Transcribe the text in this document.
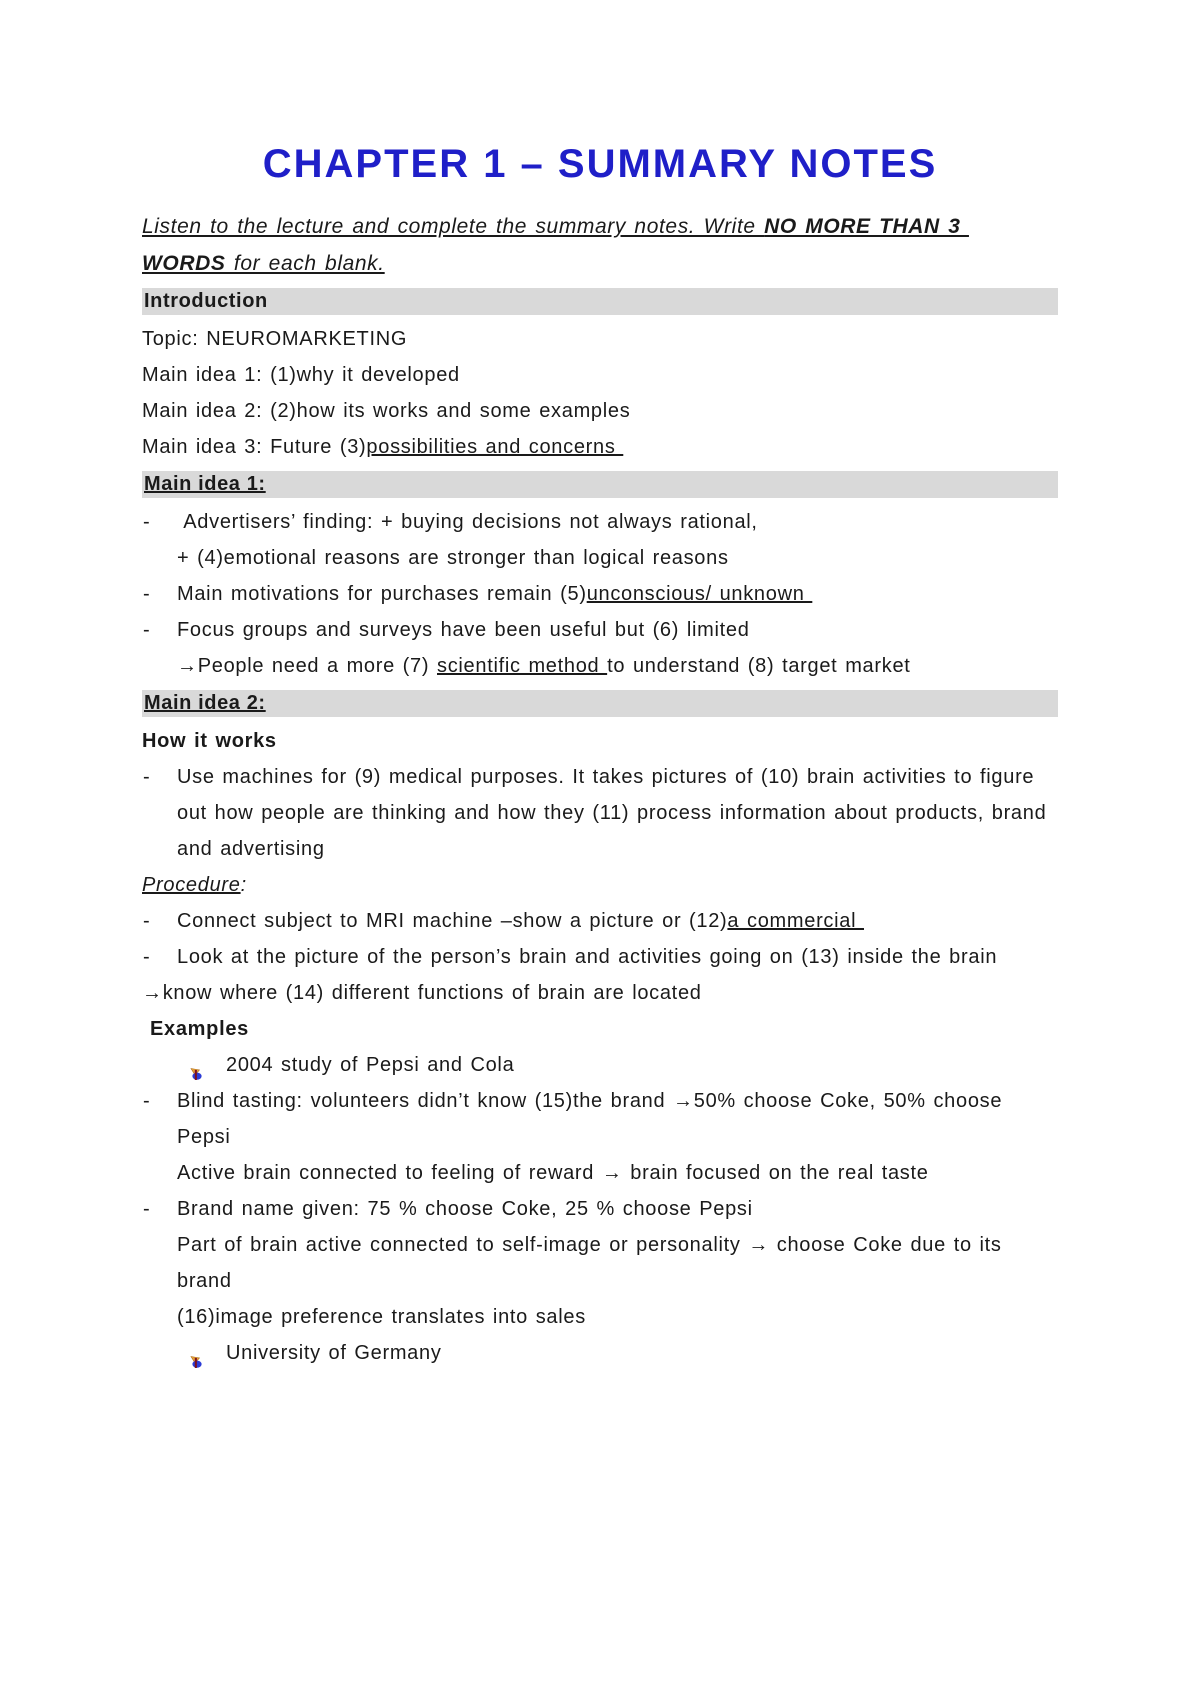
CHAPTER 1 – SUMMARY NOTES

Listen to the lecture and complete the summary notes. Write NO MORE THAN 3
WORDS for each blank.

Introduction

Topic: NEUROMARKETING

Main idea 1: (1)why it developed

Main idea 2: (2)how its works and some examples

Main idea 3: Future (3)possibilities and concerns

Main idea 1:

- Advertisers’ finding: + buying decisions not always rational,

+ (4)emotional reasons are stronger than logical reasons

- Main motivations for purchases remain (5)unconscious/ unknown

- Focus groups and surveys have been useful but (6) limited

→People need a more (7) scientific method to understand (8) target market

Main idea 2:

How it works

- Use machines for (9) medical purposes. It takes pictures of (10) brain activities to figure out how people are thinking and how they (11) process information about products, brand and advertising

Procedure:

- Connect subject to MRI machine –show a picture or (12)a commercial

- Look at the picture of the person’s brain and activities going on (13) inside the brain

→know where (14) different functions of brain are located

Examples

2004 study of Pepsi and Cola

- Blind tasting: volunteers didn’t know (15)the brand →50% choose Coke, 50% choose Pepsi

Active brain connected to feeling of reward → brain focused on the real taste

- Brand name given: 75 % choose Coke, 25 % choose Pepsi

Part of brain active connected to self-image or personality → choose Coke due to its brand

(16)image preference translates into sales

University of Germany
